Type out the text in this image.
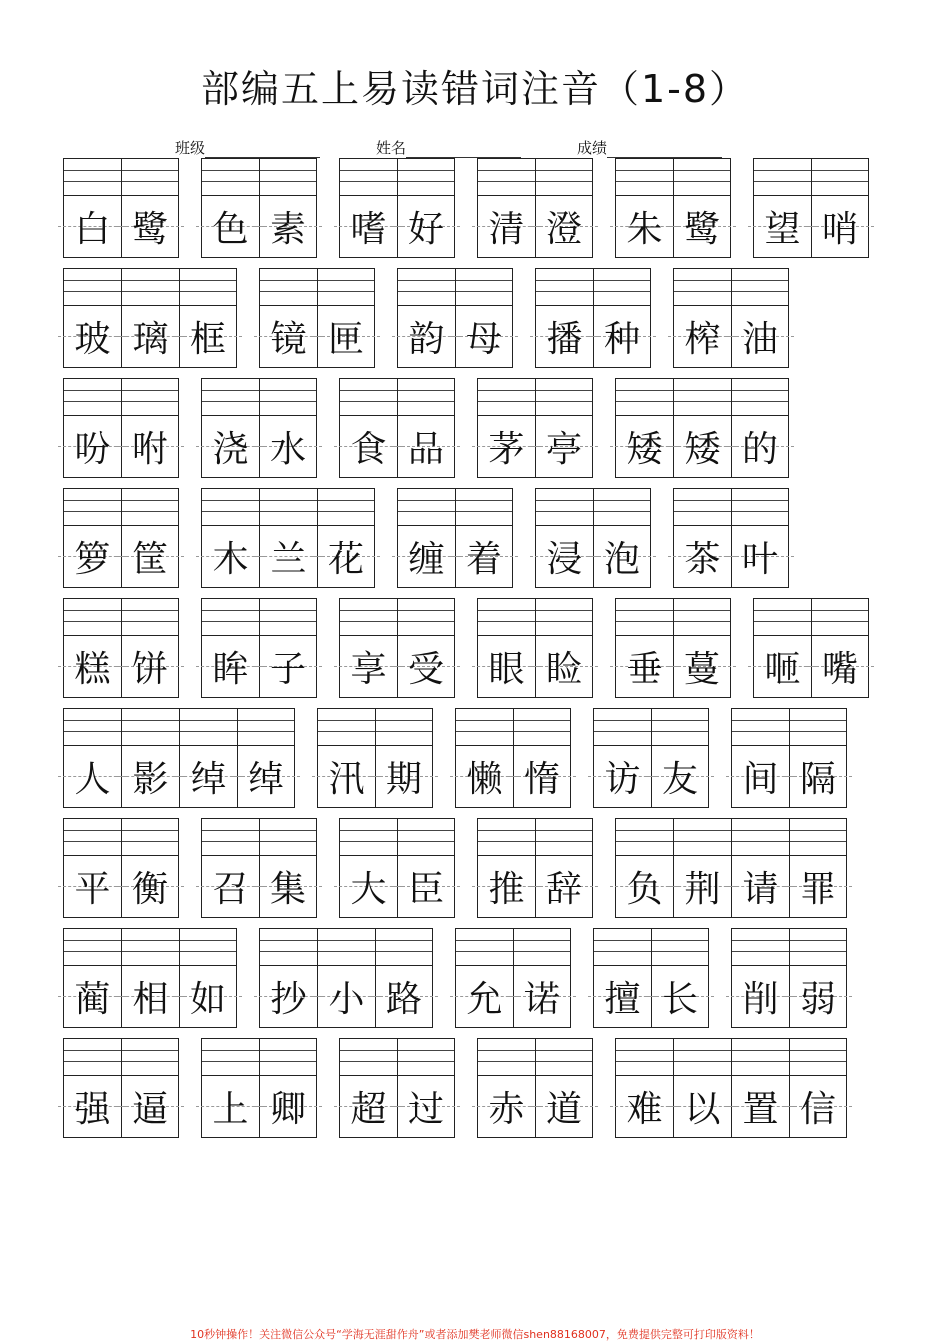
部编五上易读错词注音（1-8）
班级	姓名	成绩
白 鹭 色 素 嗜 好 清 澄 朱 鹭 望 哨
玻 璃 框 镜 匣 韵 母 播 种 榨 油
吩 咐 浇 水 食 品 茅 亭 矮 矮 的
箩 筐 木 兰 花 缠 着 浸 泡 茶 叶
糕 饼 眸 子 享 受 眼 睑 垂 蔓 咂 嘴
人 影 绰 绰 汛 期 懒 惰 访 友 间 隔
平 衡 召 集 大 臣 推 辞 负 荆 请 罪
蔺 相 如 抄 小 路 允 诺 擅 长 削 弱
强 逼 上 卿 超 过 赤 道 难 以 置 信
10秒钟操作！关注微信公众号“学海无涯甜作舟”或者添加樊老师微信shen88168007，免费提供完整可打印版资料！
